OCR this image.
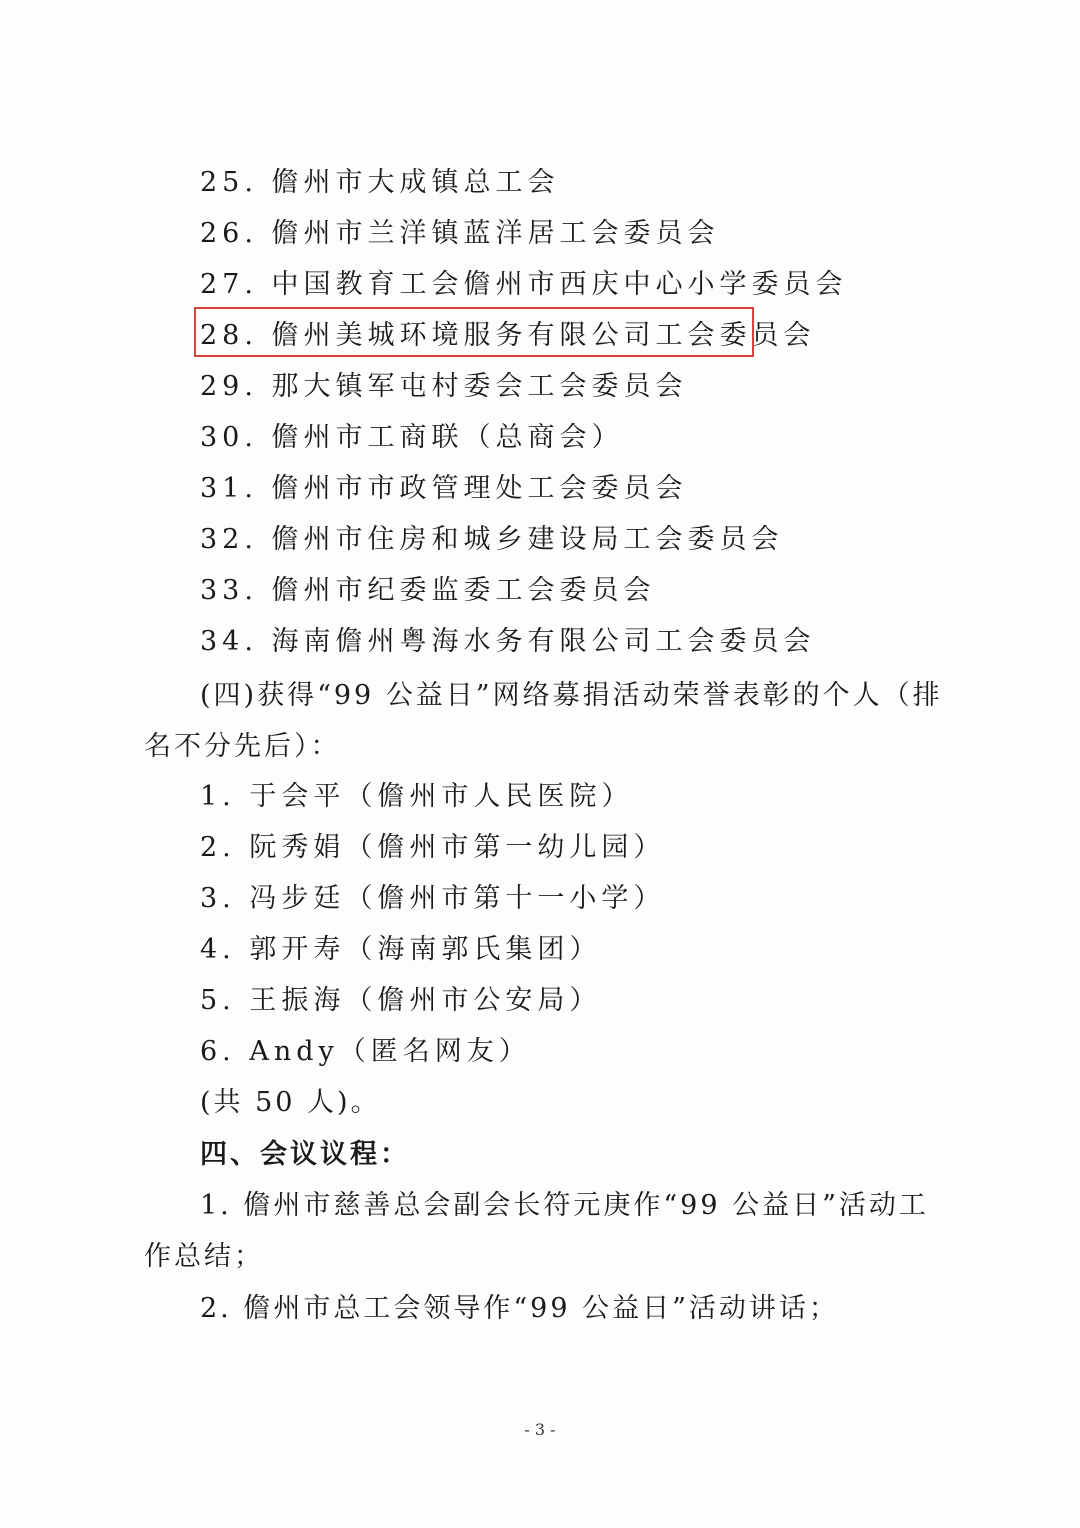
25. 儋州市大成镇总工会
26. 儋州市兰洋镇蓝洋居工会委员会
27. 中国教育工会儋州市西庆中心小学委员会
28. 儋州美城环境服务有限公司工会委员会
29. 那大镇军屯村委会工会委员会
30. 儋州市工商联（总商会）
31. 儋州市市政管理处工会委员会
32. 儋州市住房和城乡建设局工会委员会
33. 儋州市纪委监委工会委员会
34. 海南儋州粤海水务有限公司工会委员会
(四)获得“99 公益日”网络募捐活动荣誉表彰的个人（排名不分先后）：
1. 于会平（儋州市人民医院）
2. 阮秀娟（儋州市第一幼儿园）
3. 冯步廷（儋州市第十一小学）
4. 郭开寿（海南郭氏集团）
5. 王振海（儋州市公安局）
6. Andy（匿名网友）
(共 50 人)。
四、会议议程：
1. 儋州市慈善总会副会长符元庚作“99 公益日”活动工作总结；
2. 儋州市总工会领导作“99 公益日”活动讲话；
- 3 -
